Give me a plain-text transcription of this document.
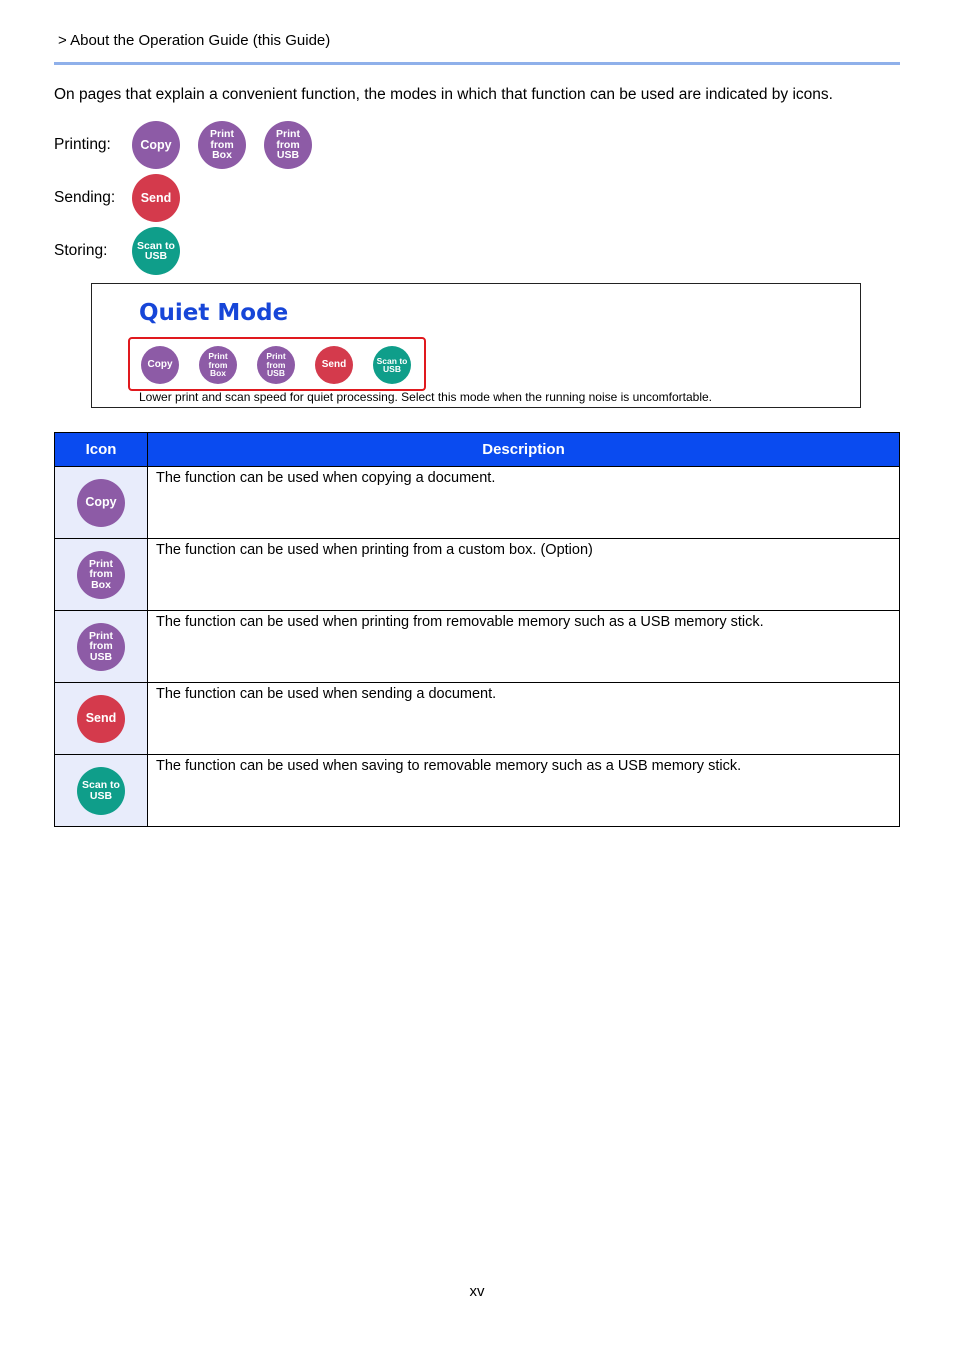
> About the Operation Guide (this Guide)
On pages that explain a convenient function, the modes in which that function can be used are indicated by icons.
Printing:	Copy
Print from
Box
Print from
USB
Sending:	Send
Storing:	Scan to
USB
Quiet Mode
Copy
Print from
Box
Print from
USB
Send	Scan to
USB
Lower print and scan speed for quiet processing. Select this mode when the running noise is uncomfortable.
Icon	Description

Copy	The function can be used when copying a document.

Print from
Box	The function can be used when printing from a custom box. (Option)

Print from
USB	The function can be used when printing from removable memory such as a USB memory stick.

Send	The function can be used when sending a document.

Scan to
USB	The function can be used when saving to removable memory such as a USB memory stick.
xv
